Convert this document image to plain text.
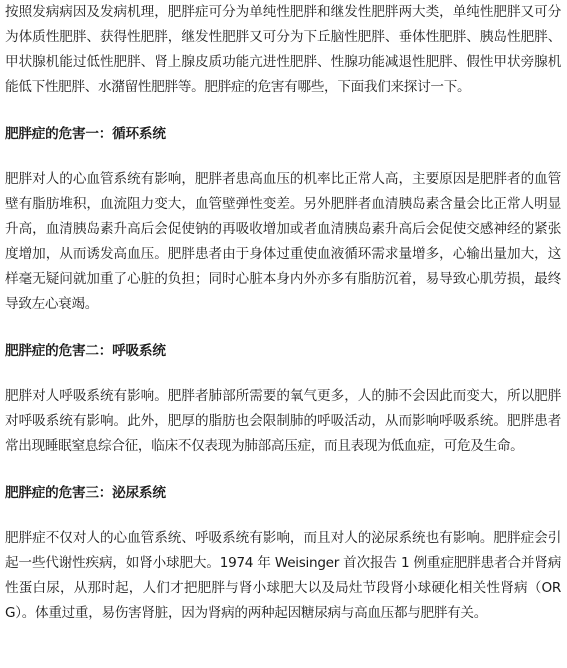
按照发病病因及发病机理，肥胖症可分为单纯性肥胖和继发性肥胖两大类，单纯性肥胖又可分为体质性肥胖、获得性肥胖，继发性肥胖又可分为下丘脑性肥胖、垂体性肥胖、胰岛性肥胖、甲状腺机能过低性肥胖、肾上腺皮质功能亢进性肥胖、性腺功能减退性肥胖、假性甲状旁腺机能低下性肥胖、水潴留性肥胖等。肥胖症的危害有哪些，下面我们来探讨一下。

肥胖症的危害一：循环系统

肥胖对人的心血管系统有影响，肥胖者患高血压的机率比正常人高，主要原因是肥胖者的血管壁有脂肪堆积，血流阻力变大，血管壁弹性变差。另外肥胖者血清胰岛素含量会比正常人明显升高，血清胰岛素升高后会促使钠的再吸收增加或者血清胰岛素升高后会促使交感神经的紧张度增加，从而诱发高血压。肥胖患者由于身体过重使血液循环需求量增多，心输出量加大，这样毫无疑问就加重了心脏的负担；同时心脏本身内外亦多有脂肪沉着，易导致心肌劳损，最终导致左心衰竭。

肥胖症的危害二：呼吸系统

肥胖对人呼吸系统有影响。肥胖者肺部所需要的氧气更多，人的肺不会因此而变大，所以肥胖对呼吸系统有影响。此外，肥厚的脂肪也会限制肺的呼吸活动，从而影响呼吸系统。肥胖患者常出现睡眠窒息综合征，临床不仅表现为肺部高压症，而且表现为低血症，可危及生命。

肥胖症的危害三：泌尿系统

肥胖症不仅对人的心血管系统、呼吸系统有影响，而且对人的泌尿系统也有影响。肥胖症会引起一些代谢性疾病，如肾小球肥大。1974 年 Weisinger 首次报告 1 例重症肥胖患者合并肾病性蛋白尿，从那时起，人们才把肥胖与肾小球肥大以及局灶节段肾小球硬化相关性肾病（ORG）。体重过重，易伤害肾脏，因为肾病的两种起因糖尿病与高血压都与肥胖有关。
